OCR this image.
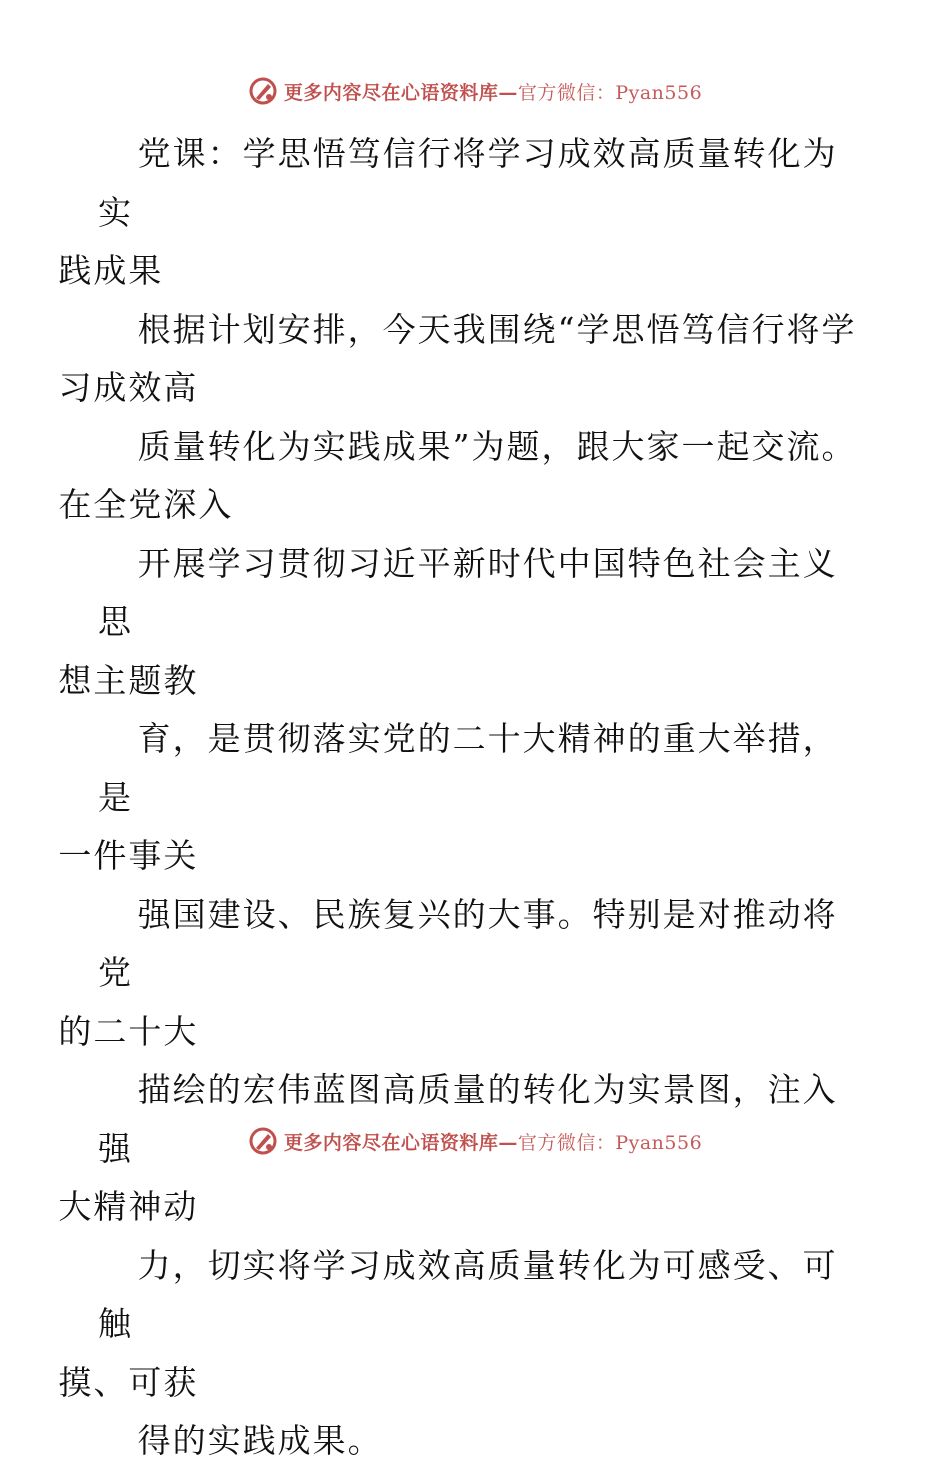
更多内容尽在心语资料库—官方微信：Pyan556

党课：学思悟笃信行将学习成效高质量转化为实
践成果

根据计划安排，今天我围绕“学思悟笃信行将学
习成效高

质量转化为实践成果”为题，跟大家一起交流。
在全党深入

开展学习贯彻习近平新时代中国特色社会主义思
想主题教

育，是贯彻落实党的二十大精神的重大举措，是
一件事关

强国建设、民族复兴的大事。特别是对推动将党
的二十大

描绘的宏伟蓝图高质量的转化为实景图，注入强
大精神动

力，切实将学习成效高质量转化为可感受、可触
摸、可获

得的实践成果。

更多内容尽在心语资料库—官方微信：Pyan556
